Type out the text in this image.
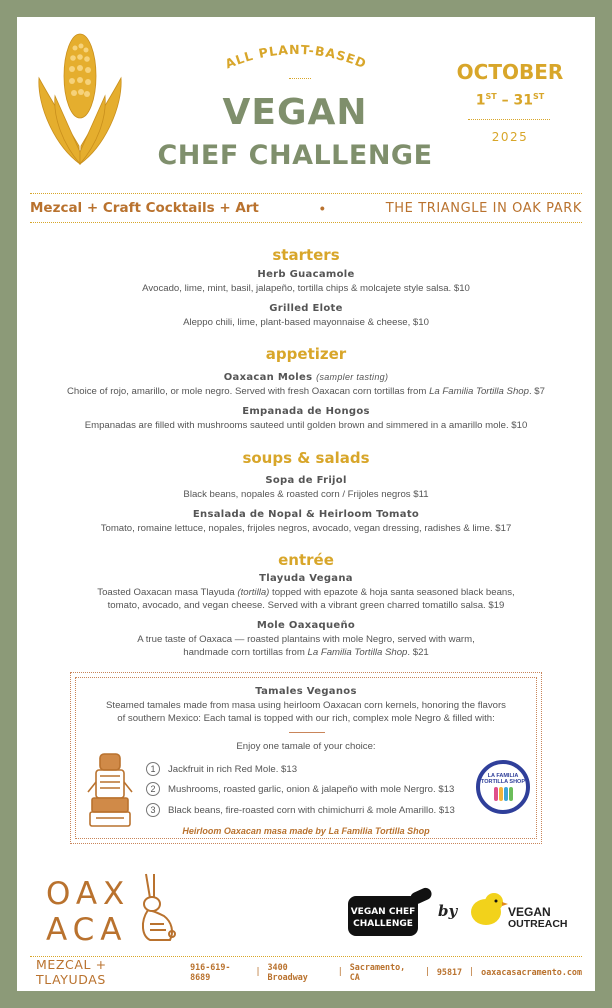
ALL PLANT-BASED
VEGAN
CHEF CHALLENGE
OCTOBER
1ST – 31ST
2025
Mezcal + Craft Cocktails + Art	•	THE TRIANGLE IN OAK PARK
starters
Herb Guacamole
Avocado, lime, mint, basil, jalapeño, tortilla chips & molcajete style salsa. $10
Grilled Elote
Aleppo chili, lime, plant-based mayonnaise & cheese, $10
appetizer
Oaxacan Moles (sampler tasting)
Choice of rojo, amarillo, or mole negro. Served with fresh Oaxacan corn tortillas from La Familia Tortilla Shop. $7
Empanada de Hongos
Empanadas are filled with mushrooms sauteed until golden brown and simmered in a amarillo mole. $10
soups & salads
Sopa de Frijol
Black beans, nopales & roasted corn / Frijoles negros $11
Ensalada de Nopal & Heirloom Tomato
Tomato, romaine lettuce, nopales, frijoles negros, avocado, vegan dressing, radishes & lime. $17
entrée
Tlayuda Vegana
Toasted Oaxacan masa Tlayuda (tortilla) topped with epazote & hoja santa seasoned black beans,
tomato, avocado, and vegan cheese. Served with a vibrant green charred tomatillo salsa. $19
Mole Oaxaqueño
A true taste of Oaxaca — roasted plantains with mole Negro, served with warm,
handmade corn tortillas from La Familia Tortilla Shop. $21
Tamales Veganos
Steamed tamales made from masa using heirloom Oaxacan corn kernels, honoring the flavors
of southern Mexico: Each tamal is topped with our rich, complex mole Negro & filled with:
Enjoy one tamale of your choice:
1	Jackfruit in rich Red Mole. $13
2	Mushrooms, roasted garlic, onion & jalapeño with mole Nergro. $13
3	Black beans, fire-roasted corn with chimichurri & mole Amarillo. $13
Heirloom Oaxacan masa made by La Familia Tortilla Shop
LA FAMILIA TORTILLA SHOP
OAX
ACA	VEGAN CHEF
CHALLENGE
by	VEGAN
OUTREACH
MEZCAL + TLAYUDAS
916-619-8689	| 3400 Broadway	| Sacramento, CA	| 95817 | oaxacasacramento.com
